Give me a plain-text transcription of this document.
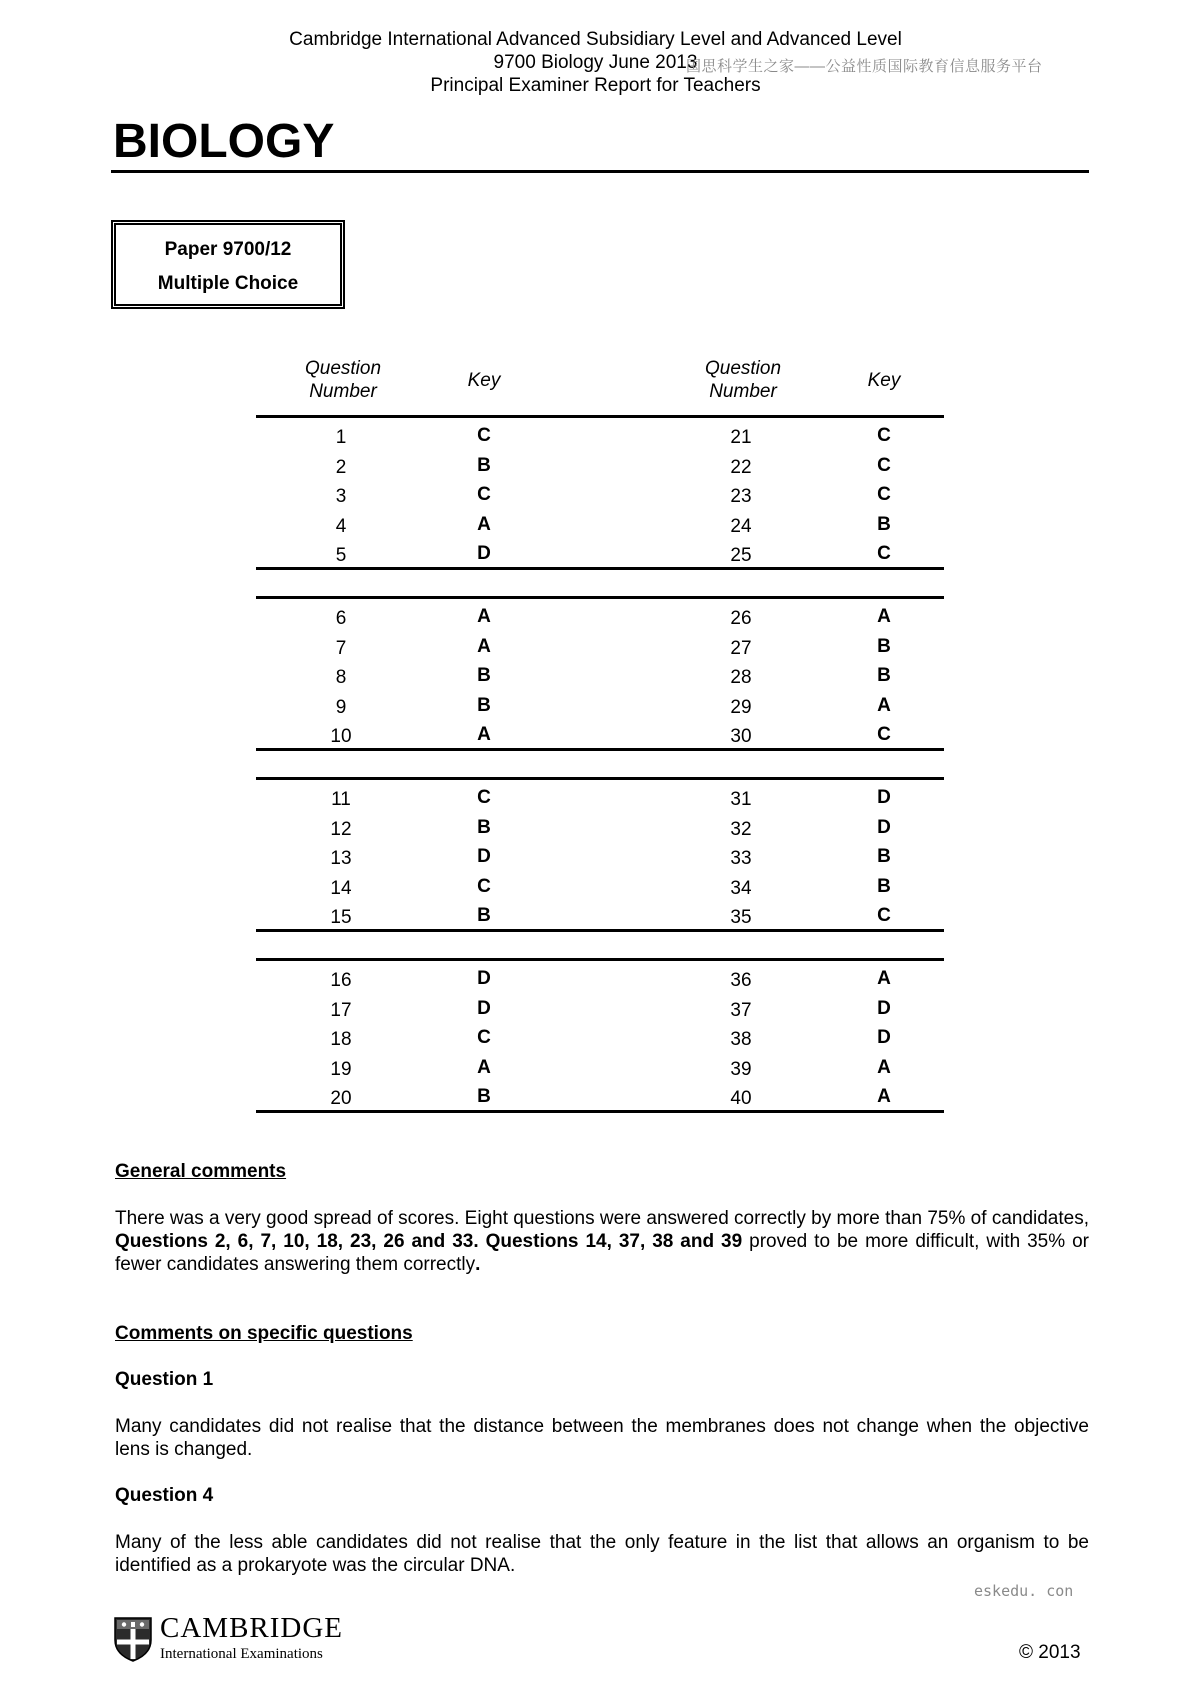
Cambridge International Advanced Subsidiary Level and Advanced Level
9700 Biology June 2013
国思科学生之家——公益性质国际教育信息服务平台
Principal Examiner Report for Teachers
BIOLOGY
Paper 9700/12
Multiple Choice
Question
Number
Key
Question
Number
Key
1	C	21	C
2	B	22	C
3	C	23	C
4	A	24	B
5	D	25	C
6	A	26	A
7	A	27	B
8	B	28	B
9	B	29	A
10	A	30	C
11	C	31	D
12	B	32	D
13	D	33	B
14	C	34	B
15	B	35	C
16	D	36	A
17	D	37	D
18	C	38	D
19	A	39	A
20	B	40	A
General comments
There was a very good spread of scores. Eight questions were answered correctly by more than 75% of candidates, Questions 2, 6, 7, 10, 18, 23, 26 and 33. Questions 14, 37, 38 and 39 proved to be more difficult, with 35% or fewer candidates answering them correctly.
Comments on specific questions
Question 1
Many candidates did not realise that the distance between the membranes does not change when the objective lens is changed.
Question 4
Many of the less able candidates did not realise that the only feature in the list that allows an organism to be identified as a prokaryote was the circular DNA.
eskedu. con
CAMBRIDGE
International Examinations	© 2013
